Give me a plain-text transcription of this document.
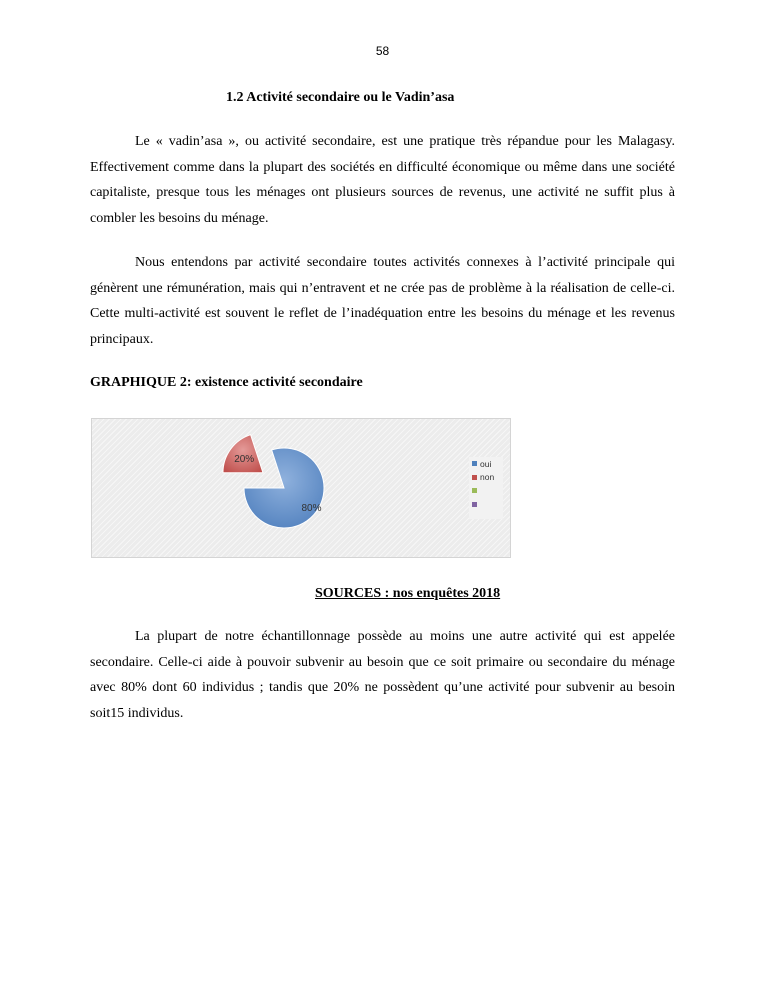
58
1.2 Activité secondaire ou le Vadin’asa

Le « vadin’asa », ou activité secondaire, est une pratique très répandue pour les Malagasy. Effectivement comme dans la plupart des sociétés en difficulté économique ou même dans une société capitaliste, presque tous les ménages ont plusieurs sources de revenus, une activité ne suffit plus à combler les besoins du ménage.

Nous entendons par activité secondaire toutes activités connexes à l’activité principale qui génèrent une rémunération, mais qui n’entravent et ne crée pas de problème à la réalisation de celle-ci. Cette multi-activité est souvent le reflet de l’inadéquation entre les besoins du ménage et les revenus principaux.

GRAPHIQUE 2: existence activité secondaire
80%
20%	oui
non
SOURCES : nos enquêtes 2018

La plupart de notre échantillonnage possède au moins une autre activité qui est appelée secondaire. Celle-ci aide à pouvoir subvenir au besoin que ce soit primaire ou secondaire du ménage avec 80% dont 60 individus ; tandis que 20% ne possèdent qu’une activité pour subvenir au besoin soit15 individus.
